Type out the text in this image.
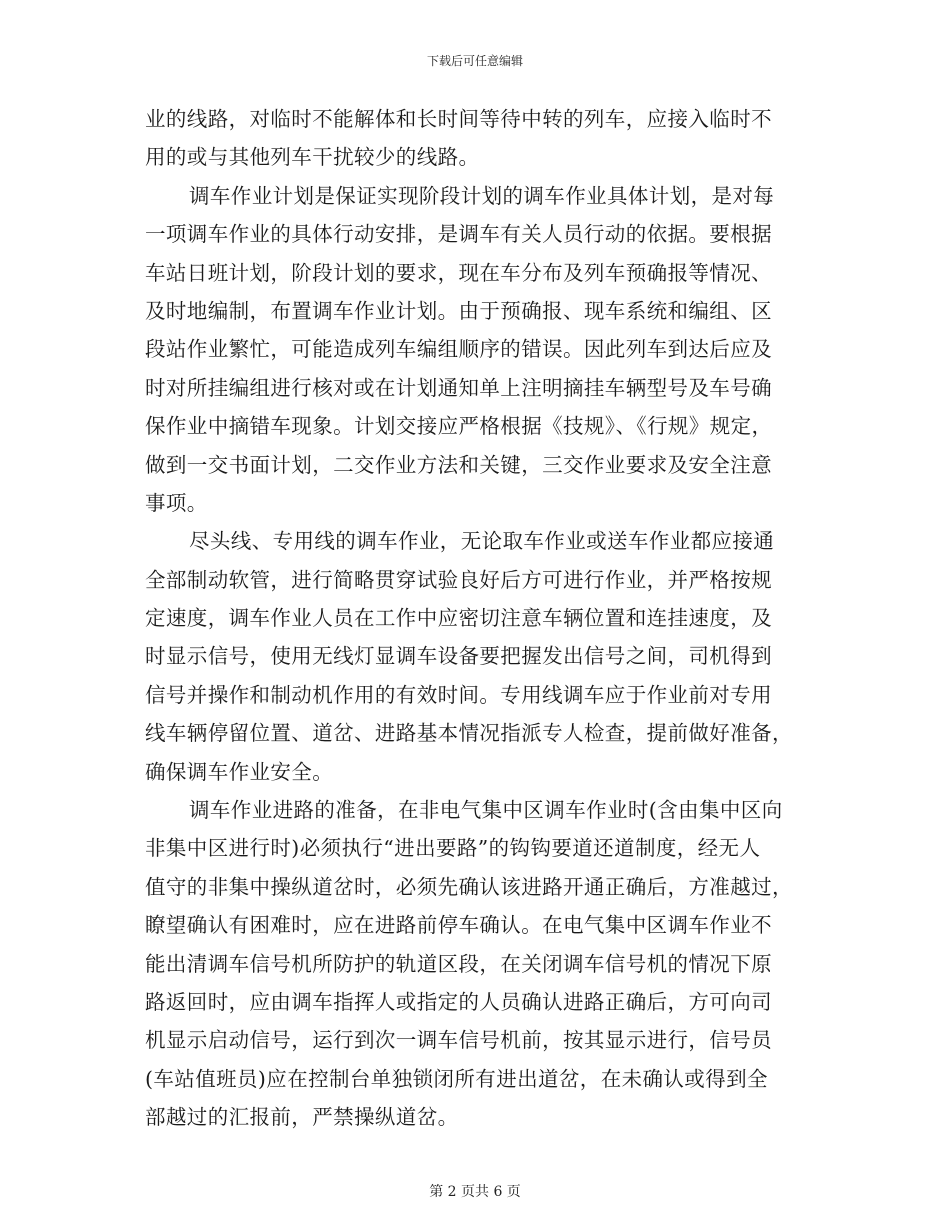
下载后可任意编辑
业的线路，对临时不能解体和长时间等待中转的列车，应接入临时不
用的或与其他列车干扰较少的线路。
调车作业计划是保证实现阶段计划的调车作业具体计划，是对每
一项调车作业的具体行动安排，是调车有关人员行动的依据。要根据
车站日班计划，阶段计划的要求，现在车分布及列车预确报等情况、
及时地编制，布置调车作业计划。由于预确报、现车系统和编组、区
段站作业繁忙，可能造成列车编组顺序的错误。因此列车到达后应及
时对所挂编组进行核对或在计划通知单上注明摘挂车辆型号及车号确
保作业中摘错车现象。计划交接应严格根据《技规》、《行规》规定，
做到一交书面计划，二交作业方法和关键，三交作业要求及安全注意
事项。
尽头线、专用线的调车作业，无论取车作业或送车作业都应接通
全部制动软管，进行简略贯穿试验良好后方可进行作业，并严格按规
定速度，调车作业人员在工作中应密切注意车辆位置和连挂速度，及
时显示信号，使用无线灯显调车设备要把握发出信号之间，司机得到
信号并操作和制动机作用的有效时间。专用线调车应于作业前对专用
线车辆停留位置、道岔、进路基本情况指派专人检查，提前做好准备，
确保调车作业安全。
调车作业进路的准备，在非电气集中区调车作业时(含由集中区向
非集中区进行时)必须执行“进出要路”的钩钩要道还道制度，经无人
值守的非集中操纵道岔时，必须先确认该进路开通正确后，方准越过，
瞭望确认有困难时，应在进路前停车确认。在电气集中区调车作业不
能出清调车信号机所防护的轨道区段，在关闭调车信号机的情况下原
路返回时，应由调车指挥人或指定的人员确认进路正确后，方可向司
机显示启动信号，运行到次一调车信号机前，按其显示进行，信号员
(车站值班员)应在控制台单独锁闭所有进出道岔，在未确认或得到全
部越过的汇报前，严禁操纵道岔。
第 2 页共 6 页
